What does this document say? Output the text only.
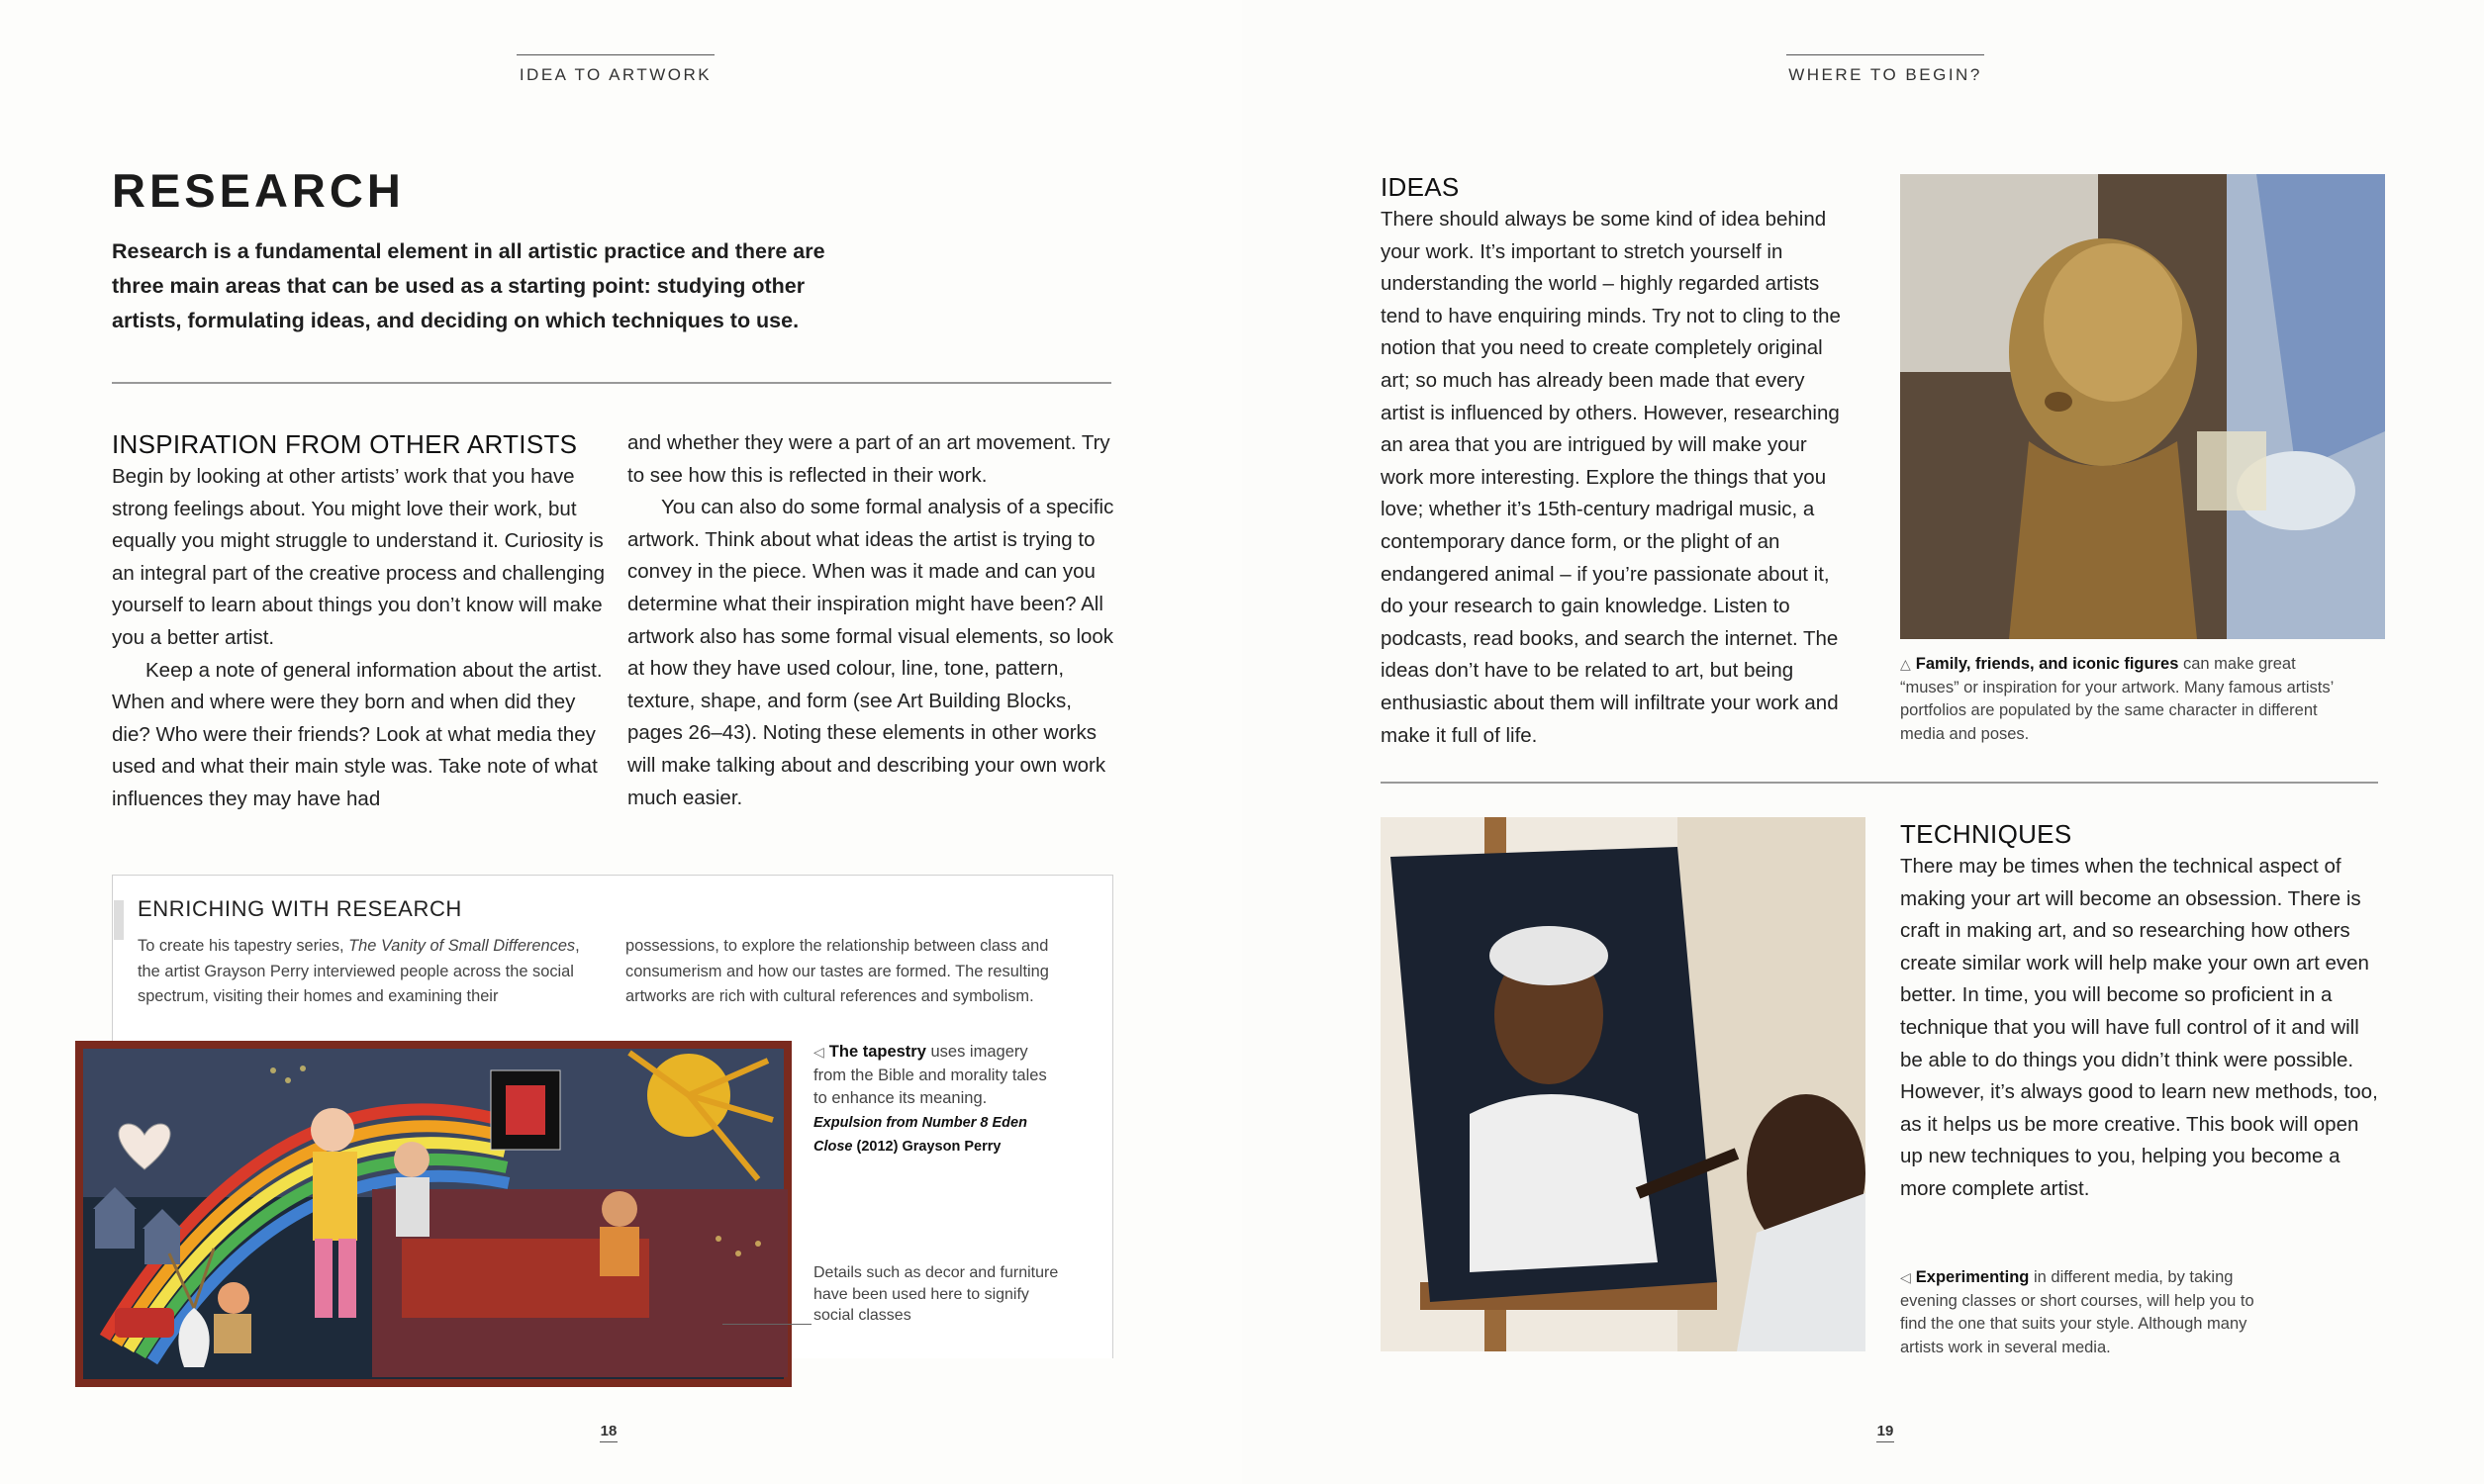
IDEA TO ARTWORK
RESEARCH
Research is a fundamental element in all artistic practice and there are three main areas that can be used as a starting point: studying other artists, formulating ideas, and deciding on which techniques to use.
INSPIRATION FROM OTHER ARTISTS

Begin by looking at other artists’ work that you have strong feelings about. You might love their work, but equally you might struggle to understand it. Curiosity is an integral part of the creative process and challenging yourself to learn about things you don’t know will make you a better artist.

Keep a note of general information about the artist. When and where were they born and when did they die? Who were their friends? Look at what media they used and what their main style was. Take note of what influences they may have had

and whether they were a part of an art movement. Try to see how this is reflected in their work.

You can also do some formal analysis of a specific artwork. Think about what ideas the artist is trying to convey in the piece. When was it made and can you determine what their inspiration might have been? All artwork also has some formal visual elements, so look at how they have used colour, line, tone, pattern, texture, shape, and form (see Art Building Blocks, pages 26–43). Noting these elements in other works will make talking about and describing your own work much easier.

ENRICHING WITH RESEARCH
To create his tapestry series, The Vanity of Small Differences, the artist Grayson Perry interviewed people across the social spectrum, visiting their homes and examining their
possessions, to explore the relationship between class and consumerism and how our tastes are formed. The resulting artworks are rich with cultural references and symbolism.
◁ The tapestry uses imagery from the Bible and morality tales to enhance its meaning.
Expulsion from Number 8 Eden Close (2012) Grayson Perry
Details such as decor and furniture have been used here to signify social classes
18
WHERE TO BEGIN?
IDEAS

There should always be some kind of idea behind your work. It’s important to stretch yourself in understanding the world – highly regarded artists tend to have enquiring minds. Try not to cling to the notion that you need to create completely original art; so much has already been made that every artist is influenced by others. However, researching an area that you are intrigued by will make your work more interesting. Explore the things that you love; whether it’s 15th-century madrigal music, a contemporary dance form, or the plight of an endangered animal – if you’re passionate about it, do your research to gain knowledge. Listen to podcasts, read books, and search the internet. The ideas don’t have to be related to art, but being enthusiastic about them will infiltrate your work and make it full of life.

△ Family, friends, and iconic figures can make great “muses” or inspiration for your artwork. Many famous artists’ portfolios are populated by the same character in different media and poses.
TECHNIQUES

There may be times when the technical aspect of making your art will become an obsession. There is craft in making art, and so researching how others create similar work will help make your own art even better. In time, you will become so proficient in a technique that you will have full control of it and will be able to do things you didn’t think were possible. However, it’s always good to learn new methods, too, as it helps us be more creative. This book will open up new techniques to you, helping you become a more complete artist.

◁ Experimenting in different media, by taking evening classes or short courses, will help you to find the one that suits your style. Although many artists work in several media.
19
